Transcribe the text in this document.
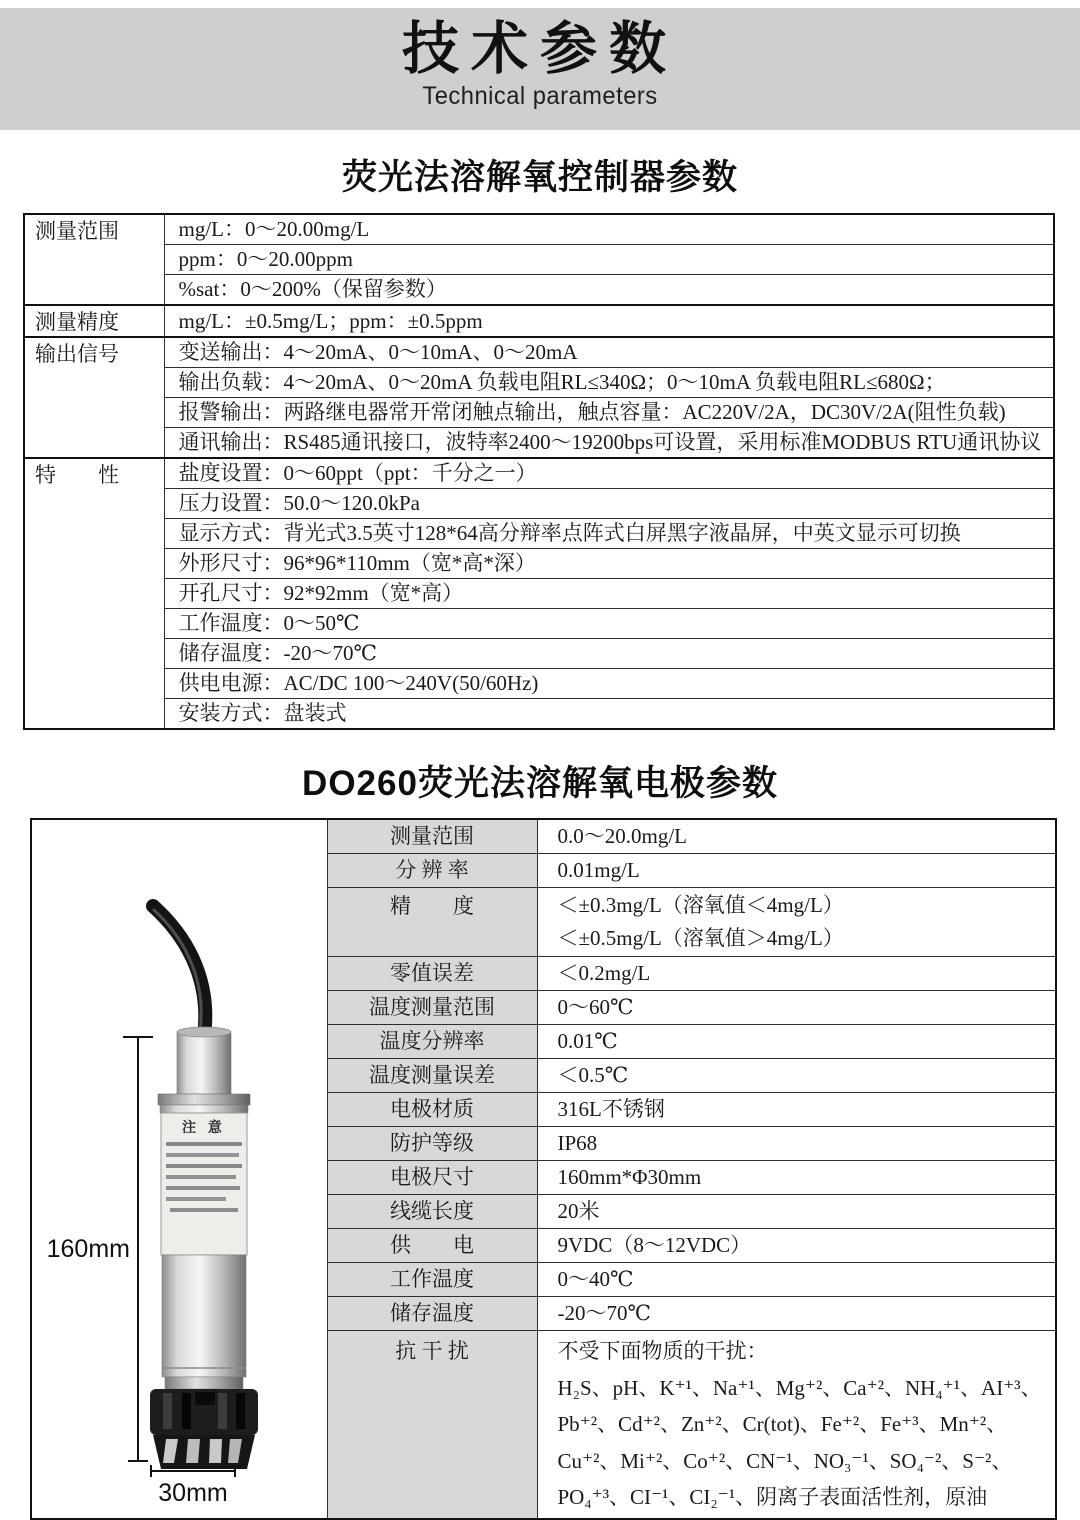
技术参数
Technical parameters
荧光法溶解氧控制器参数
测量范围	mg/L：0～20.00mg/L
	ppm：0～20.00ppm
	%sat：0～200%（保留参数）
测量精度	mg/L：±0.5mg/L；ppm：±0.5ppm
输出信号	变送输出：4～20mA、0～10mA、0～20mA
	输出负载：4～20mA、0～20mA 负载电阻RL≤340Ω；0～10mA 负载电阻RL≤680Ω；
	报警输出：两路继电器常开常闭触点输出，触点容量：AC220V/2A，DC30V/2A(阻性负载)
	通讯输出：RS485通讯接口，波特率2400～19200bps可设置，采用标准MODBUS RTU通讯协议
特　　性	盐度设置：0～60ppt（ppt：千分之一）
	压力设置：50.0～120.0kPa
	显示方式：背光式3.5英寸128*64高分辩率点阵式白屏黑字液晶屏，中英文显示可切换
	外形尺寸：96*96*110mm（宽*高*深）
	开孔尺寸：92*92mm（宽*高）
	工作温度：0～50℃
	储存温度：-20～70℃
	供电电源：AC/DC 100～240V(50/60Hz)
	安装方式：盘装式
DO260荧光法溶解氧电极参数
注 意
160mm
30mm	测量范围	0.0～20.0mg/L
	分 辨 率	0.01mg/L
	精　　度	＜±0.3mg/L（溶氧值＜4mg/L）
＜±0.5mg/L（溶氧值＞4mg/L）

	零值误差	＜0.2mg/L
	温度测量范围	0～60℃
	温度分辨率	0.01℃
	温度测量误差	＜0.5℃
	电极材质	316L不锈钢
	防护等级	IP68
	电极尺寸	160mm*Φ30mm
	线缆长度	20米
	供　　电	9VDC（8～12VDC）
	工作温度	0～40℃
	储存温度	-20～70℃
	抗 干 扰	不受下面物质的干扰：
H₂S、pH、K⁺¹、Na⁺¹、Mg⁺²、Ca⁺²、NH₄⁺¹、AI⁺³、
Pb⁺²、Cd⁺²、Zn⁺²、Cr(tot)、Fe⁺²、Fe⁺³、Mn⁺²、
Cu⁺²、Mi⁺²、Co⁺²、CN⁻¹、NO₃⁻¹、SO₄⁻²、S⁻²、
PO₄⁺³、CI⁻¹、CI₂⁻¹、阴离子表面活性剂，原油
